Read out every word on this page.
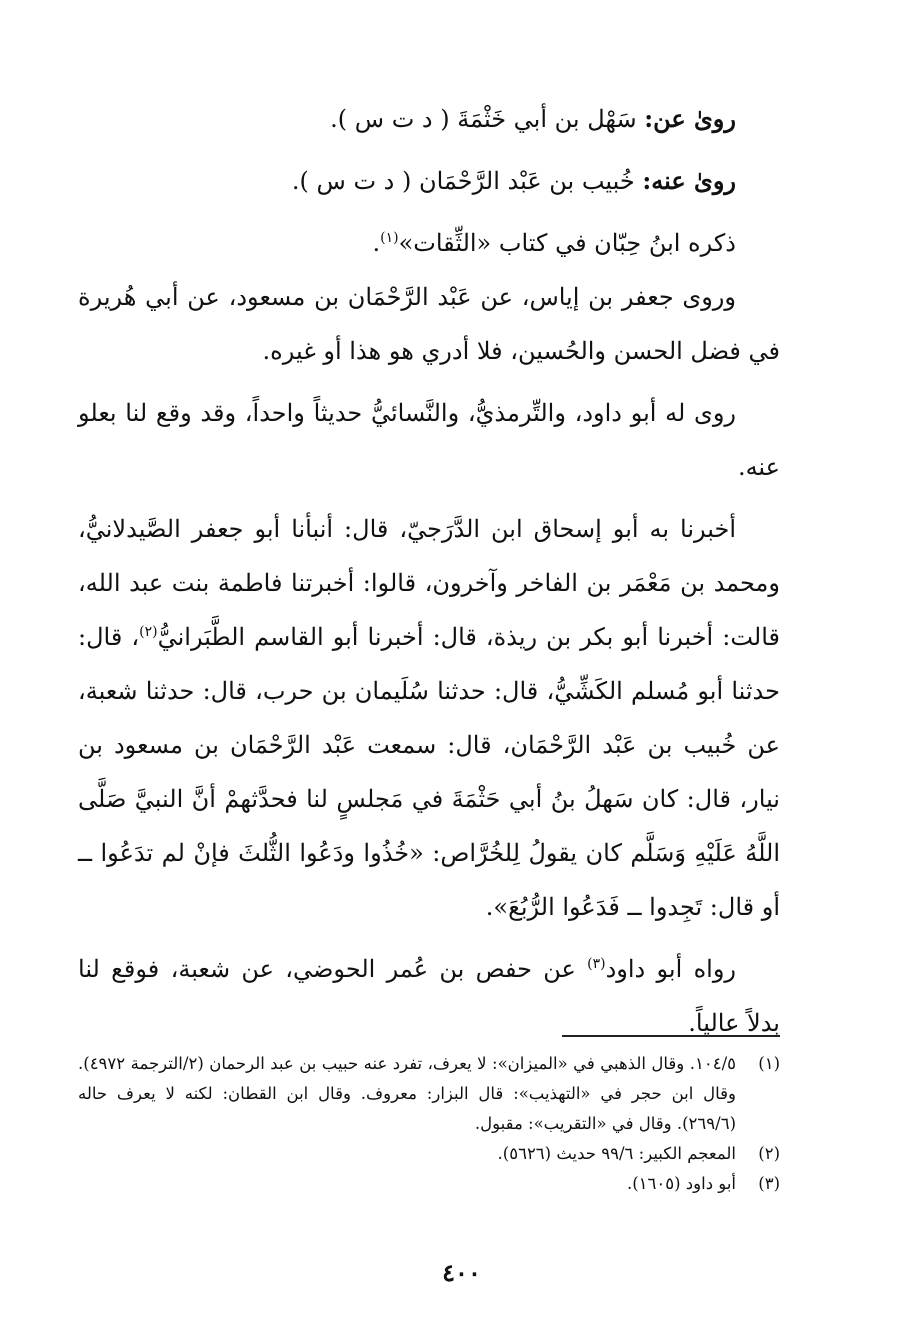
روىٰ عن: سَهْل بن أبي خَثْمَةَ ( د ت س ).

روىٰ عنه: خُبيب بن عَبْد الرَّحْمَان ( د ت س ).

ذكره ابنُ حِبّان في كتاب «الثِّقات»$^{(١)}$.

وروى جعفر بن إياس، عن عَبْد الرَّحْمَان بن مسعود، عن أبي هُريرة في فضل الحسن والحُسين، فلا أدري هو هذا أو غيره.

روى له أبو داود، والتِّرمذيُّ، والنَّسائيُّ حديثاً واحداً، وقد وقع لنا بعلو عنه.

أخبرنا به أبو إسحاق ابن الدَّرَجيّ، قال: أنبأنا أبو جعفر الصَّيدلانيُّ، ومحمد بن مَعْمَر بن الفاخر وآخرون، قالوا: أخبرتنا فاطمة بنت عبد الله، قالت: أخبرنا أبو بكر بن ريذة، قال: أخبرنا أبو القاسم الطَّبَرانيُّ$^{(٢)}$، قال: حدثنا أبو مُسلم الكَشِّيُّ، قال: حدثنا سُلَيمان بن حرب، قال: حدثنا شعبة، عن خُبيب بن عَبْد الرَّحْمَان، قال: سمعت عَبْد الرَّحْمَان بن مسعود بن نيار، قال: كان سَهلُ بنُ أبي حَثْمَةَ في مَجلسٍ لنا فحدَّثهمْ أنَّ النبيَّ صَلَّى اللَّهُ عَلَيْهِ وَسَلَّم كان يقولُ لِلخُرَّاص: «خُذُوا ودَعُوا الثُّلثَ فإنْ لم تدَعُوا ــ أو قال: تَجِدوا ــ فَدَعُوا الرُّبُعَ».

رواه أبو داود$^{(٣)}$ عن حفص بن عُمر الحوضي، عن شعبة، فوقع لنا بدلاً عالياً.

(١)
١٠٤/٥. وقال الذهبي في «الميزان»: لا يعرف، تفرد عنه حبيب بن عبد الرحمان (٢/الترجمة ٤٩٧٢). وقال ابن حجر في «التهذيب»: قال البزار: معروف. وقال ابن القطان: لكنه لا يعرف حاله (٢٦٩/٦). وقال في «التقريب»: مقبول.
(٢)
المعجم الكبير: ٩٩/٦ حديث (٥٦٢٦).
(٣)
أبو داود (١٦٠٥).
٤٠٠
